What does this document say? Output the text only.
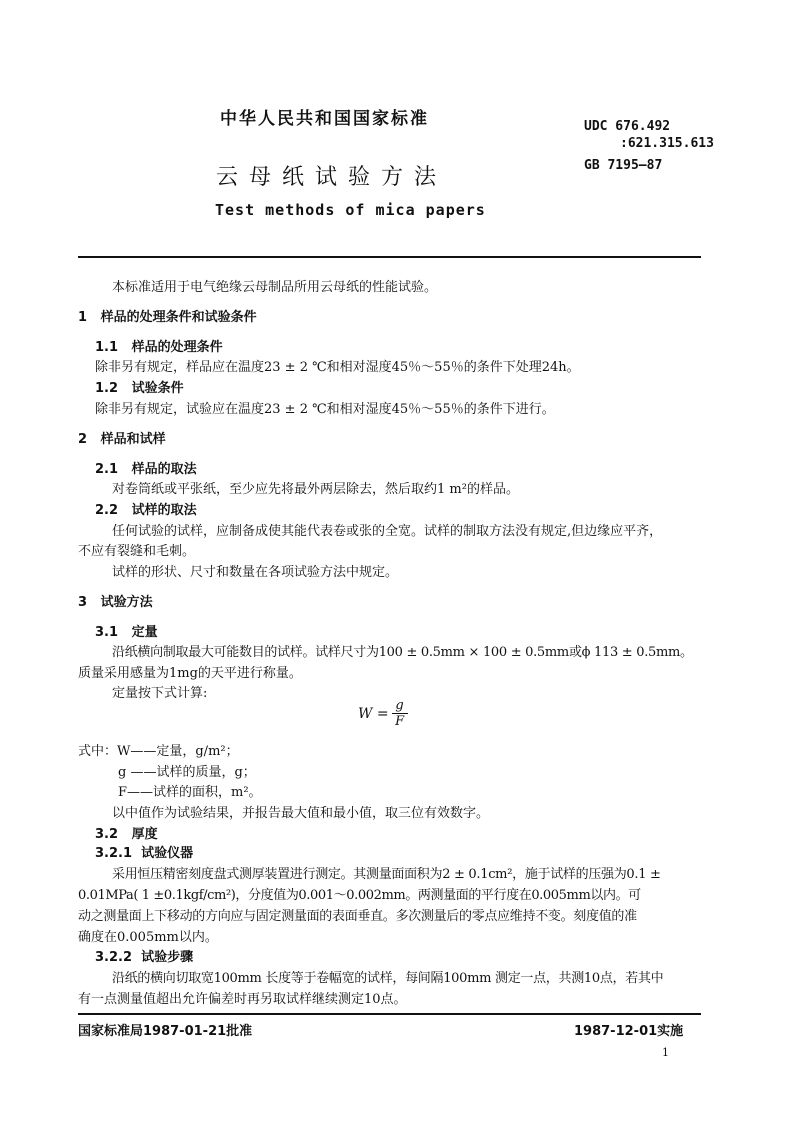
中华人民共和国国家标准	UDC 676.492
:621.315.613
GB 7195—87
云母纸试验方法
Test methods of mica papers
本标准适用于电气绝缘云母制品所用云母纸的性能试验。
1 样品的处理条件和试验条件
1.1 样品的处理条件
除非另有规定，样品应在温度23 ± 2 ℃和相对湿度45％～55％的条件下处理24h。
1.2 试验条件
除非另有规定，试验应在温度23 ± 2 ℃和相对湿度45％～55％的条件下进行。
2 样品和试样
2.1 样品的取法
对卷筒纸或平张纸，至少应先将最外两层除去，然后取约1 m²的样品。
2.2 试样的取法
任何试验的试样，应制备成使其能代表卷或张的全宽。试样的制取方法没有规定,但边缘应平齐，
不应有裂缝和毛刺。
试样的形状、尺寸和数量在各项试验方法中规定。
3 试验方法
3.1 定量
沿纸横向制取最大可能数目的试样。试样尺寸为100 ± 0.5mm × 100 ± 0.5mm或ϕ 113 ± 0.5mm。
质量采用感量为1mg的天平进行称量。
定量按下式计算:
$W = \frac{g}{F}$
式中：W——定量，g/m²；
g ——试样的质量，g；
F——试样的面积，m²。
以中值作为试验结果，并报告最大值和最小值，取三位有效数字。
3.2 厚度
3.2.1 试验仪器
采用恒压精密刻度盘式测厚装置进行测定。其测量面面积为2 ± 0.1cm²，施于试样的压强为0.1 ±
0.01MPa( 1 ±0.1kgf/cm²)，分度值为0.001～0.002mm。两测量面的平行度在0.005mm以内。可
动之测量面上下移动的方向应与固定测量面的表面垂直。多次测量后的零点应维持不变。刻度值的准
确度在0.005mm以内。
3.2.2 试验步骤
沿纸的横向切取宽100mm 长度等于卷幅宽的试样，每间隔100mm 测定一点，共测10点，若其中
有一点测量值超出允许偏差时再另取试样继续测定10点。
国家标准局1987-01-21批准	1987-12-01实施
1
